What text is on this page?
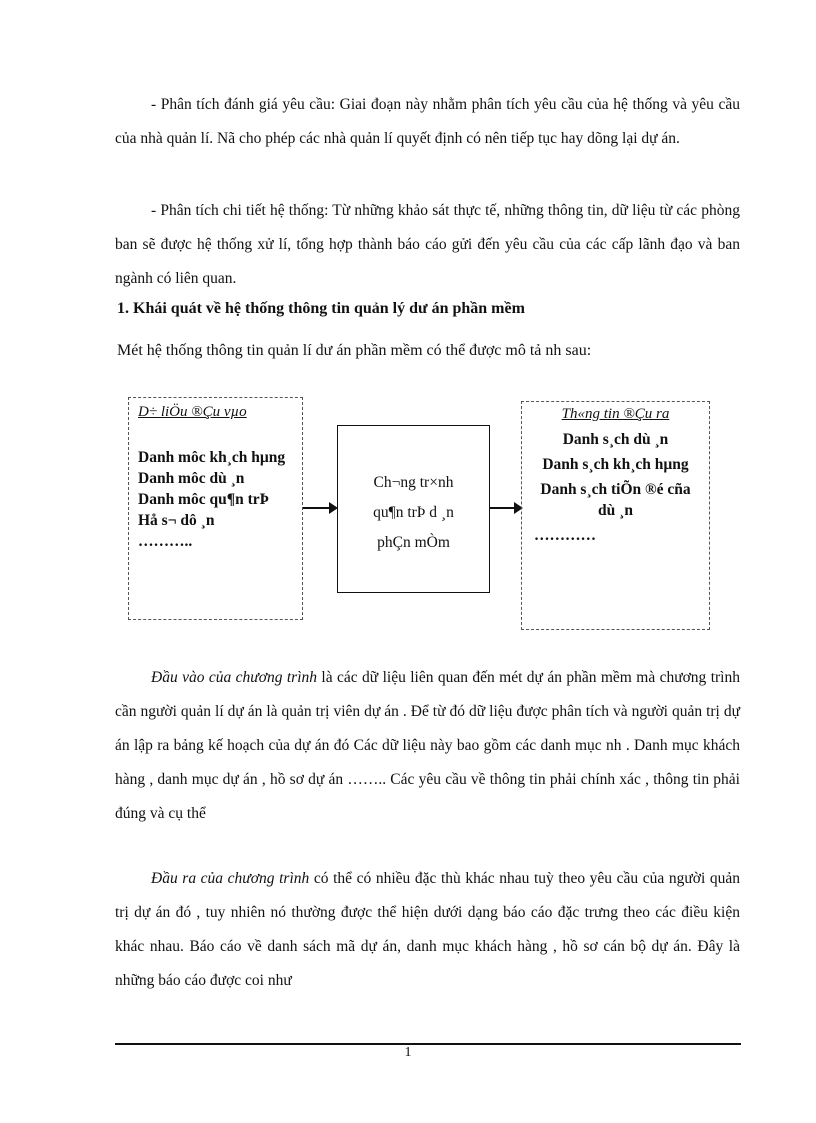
- Phân tích đánh giá yêu cầu: Giai đoạn này nhằm phân tích yêu cầu của hệ thống và yêu cầu của nhà quản lí. Nã cho phép các nhà quản lí quyết định có nên tiếp tục hay dõng lại dự án.

- Phân tích chi tiết hệ thống: Từ những khảo sát thực tế, những thông tin, dữ liệu từ các phòng ban sẽ được hệ thống xử lí, tổng hợp thành báo cáo gửi đến yêu cầu của các cấp lãnh đạo và ban ngành có liên quan.

1. Khái quát về hệ thống thông tin quản lý dư án phần mềm

Mét hệ thống thông tin quản lí dư án phần mềm có thể được mô tả nh sau:

D÷ liÖu ®Çu vµo

Danh môc kh¸ch hµng

Danh môc dù ¸n

Danh môc qu¶n trÞ

Hå s¬ dô ¸n

………..

Ch¬ng tr×nh
qu¶n trÞ d ¸n
phÇn mÒm

Th«ng tin ®Çu ra

Danh s¸ch dù ¸n

Danh s¸ch kh¸ch hµng

Danh s¸ch tiÕn ®é cña dù ¸n

…………

Đầu vào của chương trình là các dữ liệu liên quan đến mét dự án phần mềm mà chương trình cần người quản lí dự án là quản trị viên dự án . Để từ đó dữ liệu được phân tích và người quản trị dự án lập ra bảng kế hoạch của dự án đó Các dữ liệu này bao gồm các danh mục nh . Danh mục khách hàng , danh mục dự án , hồ sơ dự án …….. Các yêu cầu về thông tin phải chính xác , thông tin phải đúng và cụ thể

Đầu ra của chương trình có thể có nhiều đặc thù khác nhau tuỳ theo yêu cầu của người quản trị dự án đó , tuy nhiên nó thường được thể hiện dưới dạng báo cáo đặc trưng theo các điều kiện khác nhau. Báo cáo về danh sách mã dự án, danh mục khách hàng , hồ sơ cán bộ dự án. Đây là những báo cáo được coi như

1
